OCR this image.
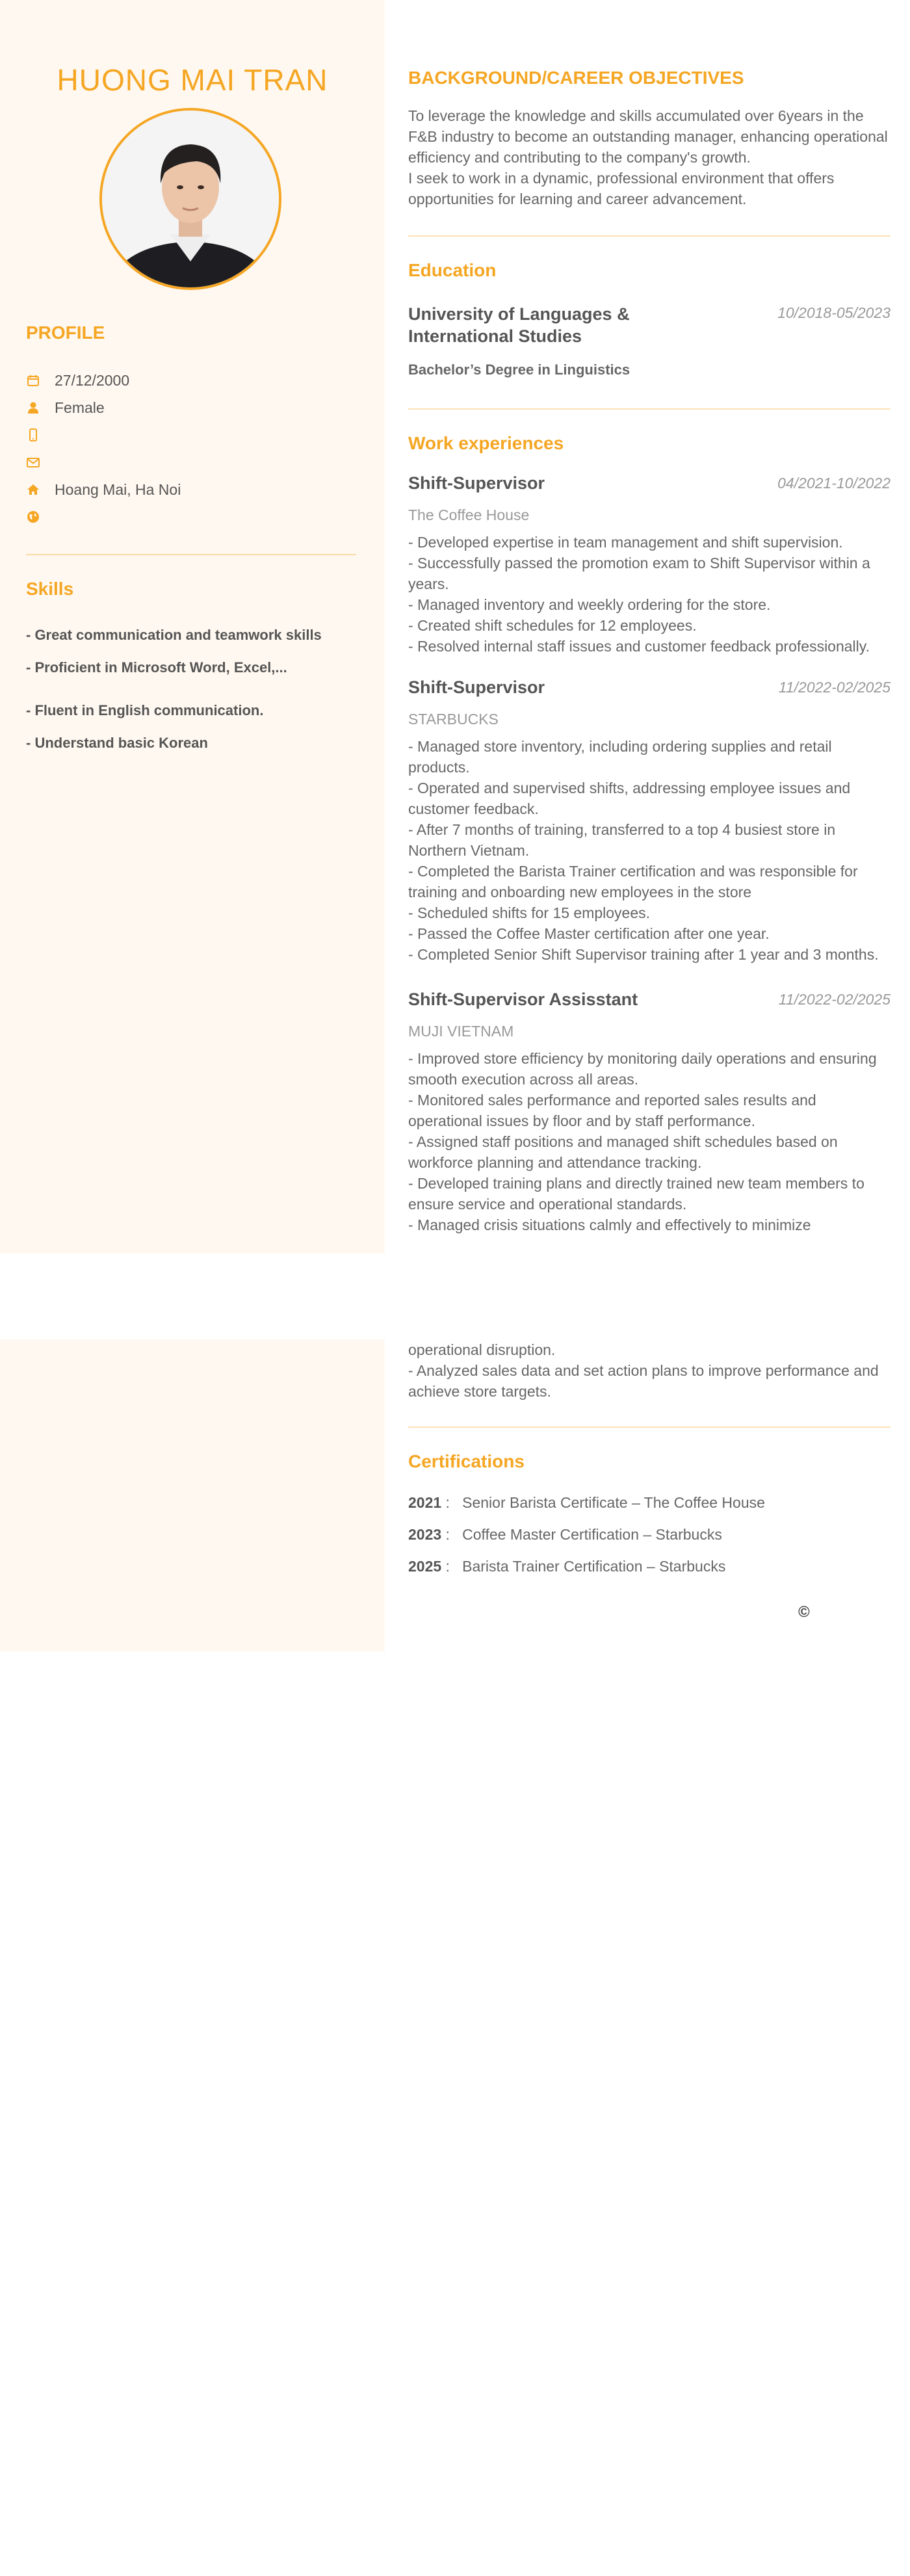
HUONG MAI TRAN
PROFILE
27/12/2000
Female
Hoang Mai, Ha Noi
Skills
- Great communication and teamwork skills
- Proficient in Microsoft Word, Excel,...
- Fluent in English communication.
- Understand basic Korean
BACKGROUND/CAREER OBJECTIVES
To leverage the knowledge and skills accumulated over 6years in the
F&B industry to become an outstanding manager, enhancing operational
efficiency and contributing to the company's growth.
I seek to work in a dynamic, professional environment that offers
opportunities for learning and career advancement.
Education
University of Languages &
International Studies
10/2018-05/2023
Bachelor’s Degree in Linguistics
Work experiences
Shift-Supervisor	04/2021-10/2022
The Coffee House
- Developed expertise in team management and shift supervision.
- Successfully passed the promotion exam to Shift Supervisor within a
years.
- Managed inventory and weekly ordering for the store.
- Created shift schedules for 12 employees.
- Resolved internal staff issues and customer feedback professionally.
Shift-Supervisor	11/2022-02/2025
STARBUCKS
- Managed store inventory, including ordering supplies and retail
products.
- Operated and supervised shifts, addressing employee issues and
customer feedback.
- After 7 months of training, transferred to a top 4 busiest store in
Northern Vietnam.
- Completed the Barista Trainer certification and was responsible for
training and onboarding new employees in the store
- Scheduled shifts for 15 employees.
- Passed the Coffee Master certification after one year.
- Completed Senior Shift Supervisor training after 1 year and 3 months.
Shift-Supervisor Assisstant	11/2022-02/2025
MUJI VIETNAM
- Improved store efficiency by monitoring daily operations and ensuring
smooth execution across all areas.
- Monitored sales performance and reported sales results and
operational issues by floor and by staff performance.
- Assigned staff positions and managed shift schedules based on
workforce planning and attendance tracking.
- Developed training plans and directly trained new team members to
ensure service and operational standards.
- Managed crisis situations calmly and effectively to minimize
operational disruption.
- Analyzed sales data and set action plans to improve performance and
achieve store targets.
Certifications
2021 :   Senior Barista Certificate – The Coffee House
2023 :   Coffee Master Certification – Starbucks
2025 :   Barista Trainer Certification – Starbucks
©
